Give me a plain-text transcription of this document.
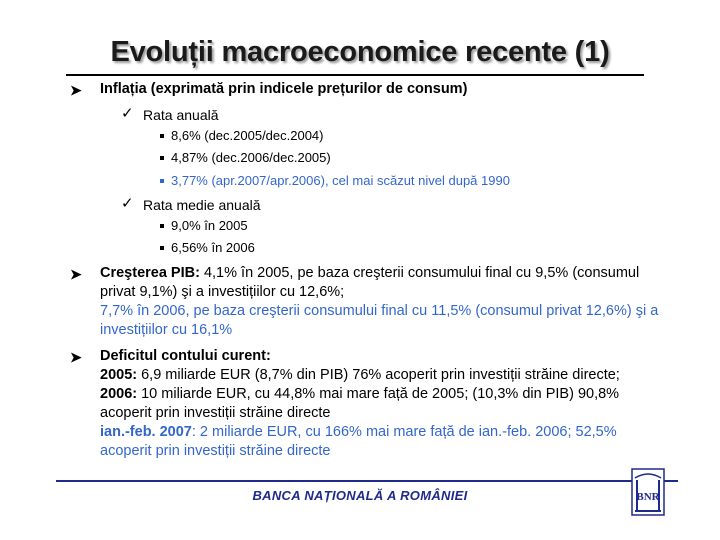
Evoluții macroeconomice recente (1)
➤ Inflația (exprimată prin indicele prețurilor de consum)
✓ Rata anuală
8,6% (dec.2005/dec.2004)
4,87% (dec.2006/dec.2005)
3,77% (apr.2007/apr.2006), cel mai scăzut nivel după 1990
✓ Rata medie anuală
9,0% în 2005
6,56% în 2006
➤ Creşterea PIB: 4,1% în 2005, pe baza creşterii consumului final cu 9,5% (consumul privat 9,1%) şi a investițiilor cu 12,6%;
7,7% în 2006, pe baza creşterii consumului final cu 11,5% (consumul privat 12,6%) şi a investițiilor cu 16,1%
➤ Deficitul contului curent:
2005: 6,9 miliarde EUR (8,7% din PIB) 76% acoperit prin investiții străine directe;
2006: 10 miliarde EUR, cu 44,8% mai mare față de 2005; (10,3% din PIB) 90,8% acoperit prin investiții străine directe
ian.-feb. 2007: 2 miliarde EUR, cu 166% mai mare față de ian.-feb. 2006; 52,5% acoperit prin investiții străine directe
BANCA NAȚIONALĂ A ROMÂNIEI	BNR
